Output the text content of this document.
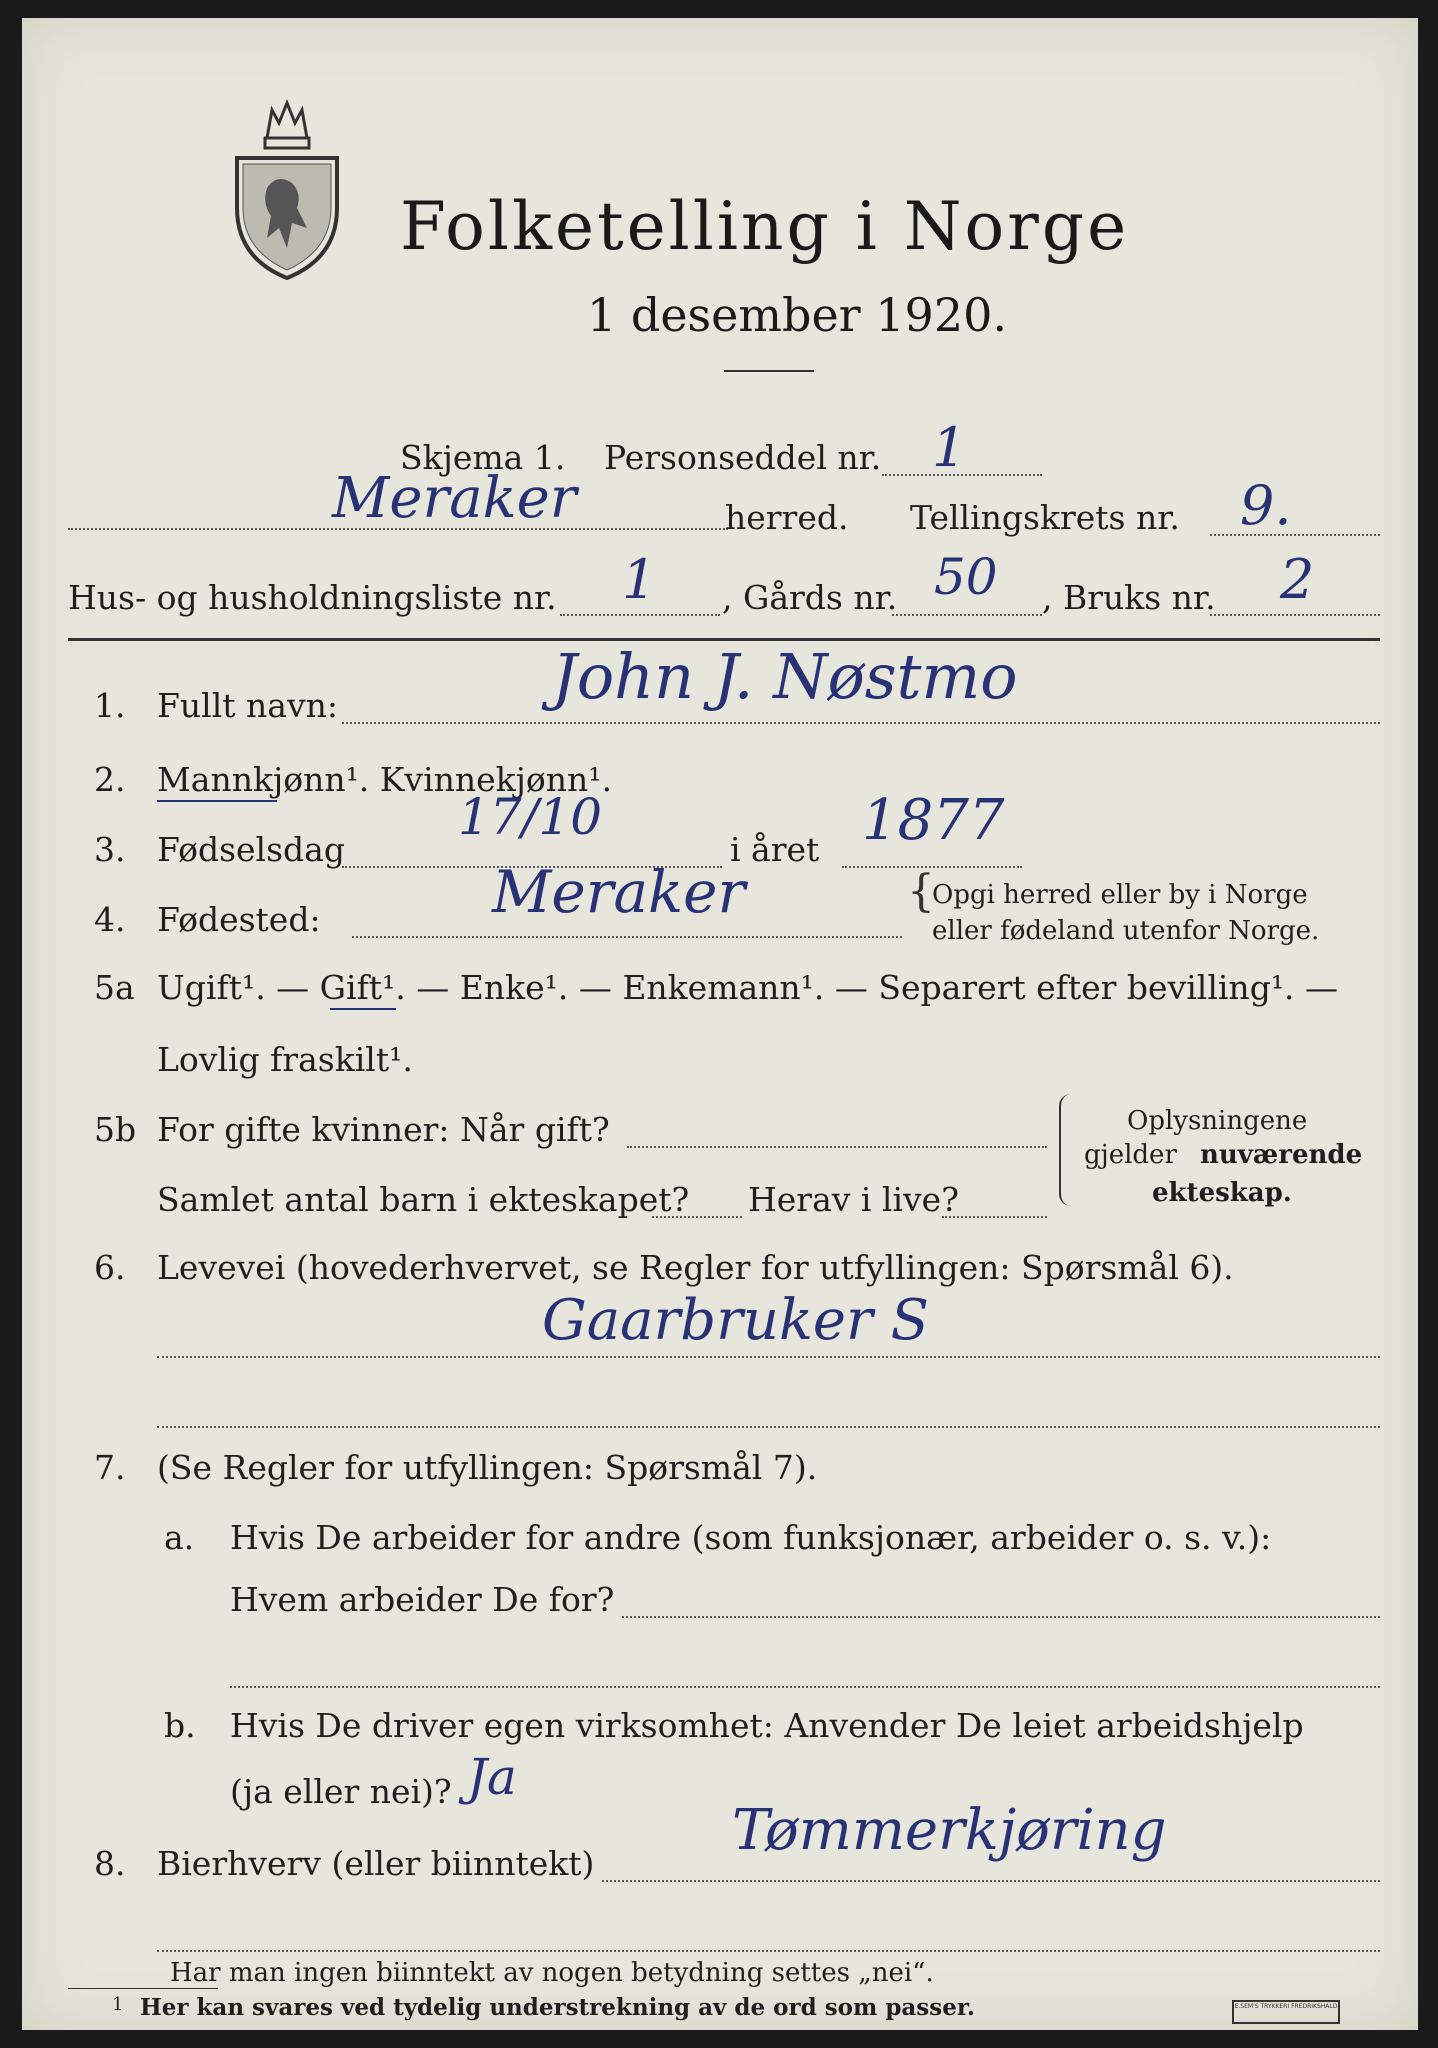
Folketelling i Norge
1 desember 1920.
Skjema 1. Personseddel nr. 1
Meraker	herred. Tellingskrets nr. 9.
Hus- og husholdningsliste nr. 1 , Gårds nr. 50 , Bruks nr. 2
1. Fullt navn:	John J. Nøstmo
2. Mannkjønn¹. Kvinnekjønn¹.
3. Fødselsdag
17/10
i året 1877
4. Fødested:	Meraker	{
Opgi herred eller by i Norge
eller fødeland utenfor Norge.
5a Ugift¹. — Gift¹. — Enke¹. — Enkemann¹. — Separert efter bevilling¹. —
Lovlig fraskilt¹.
5b For gifte kvinner: Når gift?
Samlet antal barn i ekteskapet? Herav i live?
Oplysningene
gjelder nuværende
ekteskap.
6. Levevei (hovederhvervet, se Regler for utfyllingen: Spørsmål 6).
Gaarbruker S
7. (Se Regler for utfyllingen: Spørsmål 7).
a. Hvis De arbeider for andre (som funksjonær, arbeider o. s. v.):
Hvem arbeider De for?
b. Hvis De driver egen virksomhet: Anvender De leiet arbeidshjelp
(ja eller nei)? Ja
8. Bierhverv (eller biinntekt)
Tømmerkjøring
Har man ingen biinntekt av nogen betydning settes „nei“.
1 Her kan svares ved tydelig understrekning av de ord som passer.	E.SEM'S TRYKKERI FREDRIKSHALD
